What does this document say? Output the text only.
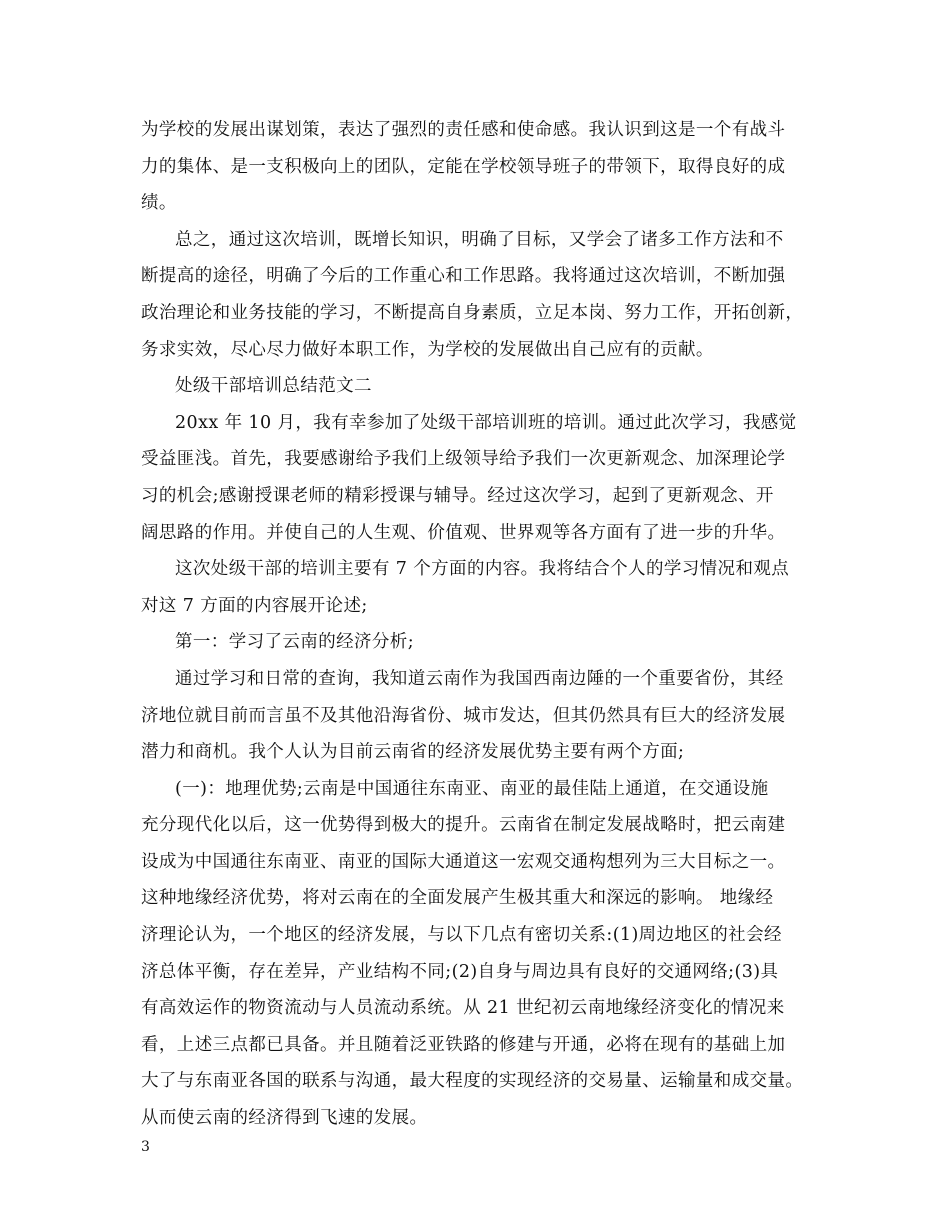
为学校的发展出谋划策，表达了强烈的责任感和使命感。我认识到这是一个有战斗
力的集体、是一支积极向上的团队，定能在学校领导班子的带领下，取得良好的成
绩。
总之，通过这次培训，既增长知识，明确了目标，又学会了诸多工作方法和不
断提高的途径，明确了今后的工作重心和工作思路。我将通过这次培训，不断加强
政治理论和业务技能的学习，不断提高自身素质，立足本岗、努力工作，开拓创新，
务求实效，尽心尽力做好本职工作，为学校的发展做出自己应有的贡献。
处级干部培训总结范文二
20xx 年 10 月，我有幸参加了处级干部培训班的培训。通过此次学习，我感觉
受益匪浅。首先，我要感谢给予我们上级领导给予我们一次更新观念、加深理论学
习的机会;感谢授课老师的精彩授课与辅导。经过这次学习，起到了更新观念、开
阔思路的作用。并使自己的人生观、价值观、世界观等各方面有了进一步的升华。
这次处级干部的培训主要有 7 个方面的内容。我将结合个人的学习情况和观点
对这 7 方面的内容展开论述;
第一：学习了云南的经济分析;
通过学习和日常的查询，我知道云南作为我国西南边陲的一个重要省份，其经
济地位就目前而言虽不及其他沿海省份、城市发达，但其仍然具有巨大的经济发展
潜力和商机。我个人认为目前云南省的经济发展优势主要有两个方面;
(一)：地理优势;云南是中国通往东南亚、南亚的最佳陆上通道，在交通设施
充分现代化以后，这一优势得到极大的提升。云南省在制定发展战略时，把云南建
设成为中国通往东南亚、南亚的国际大通道这一宏观交通构想列为三大目标之一。
这种地缘经济优势，将对云南在的全面发展产生极其重大和深远的影响。 地缘经
济理论认为，一个地区的经济发展，与以下几点有密切关系:(1)周边地区的社会经
济总体平衡，存在差异，产业结构不同;(2)自身与周边具有良好的交通网络;(3)具
有高效运作的物资流动与人员流动系统。从 21 世纪初云南地缘经济变化的情况来
看，上述三点都已具备。并且随着泛亚铁路的修建与开通，必将在现有的基础上加
大了与东南亚各国的联系与沟通，最大程度的实现经济的交易量、运输量和成交量。
从而使云南的经济得到飞速的发展。
3
